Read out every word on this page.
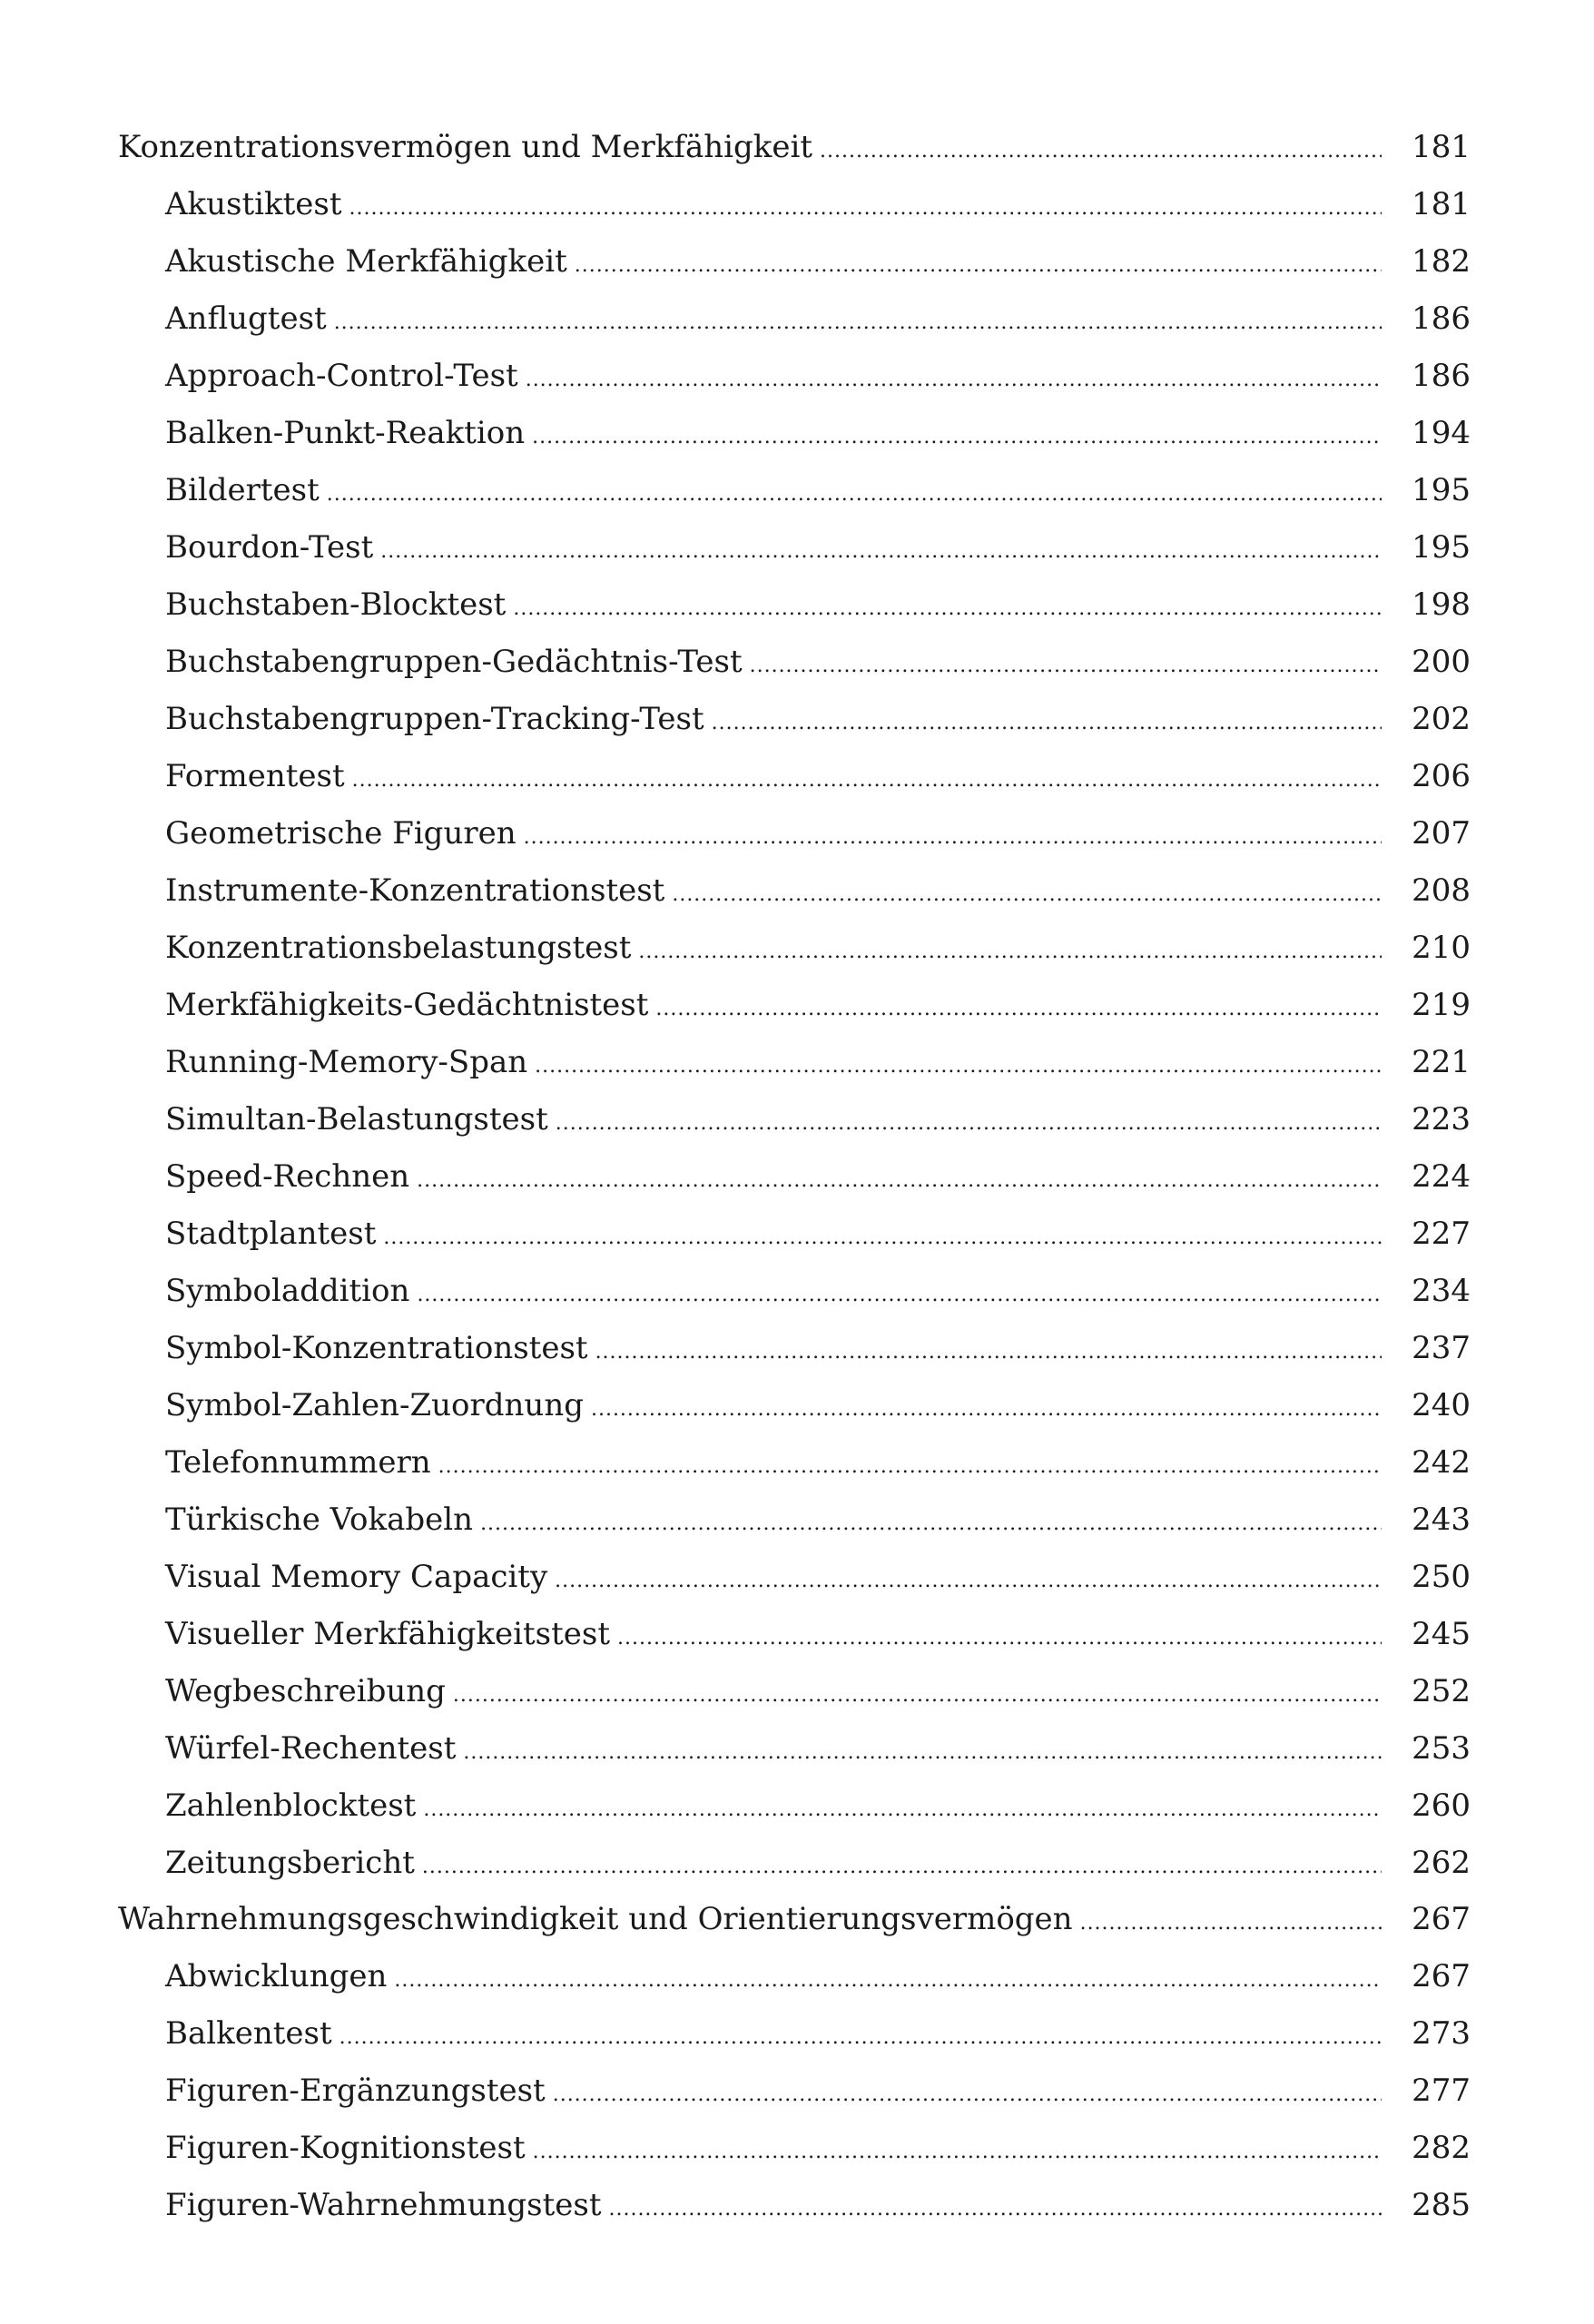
Konzentrationsvermögen und Merkfähigkeit . . .	181
Akustiktest . . .	181
Akustische Merkfähigkeit . . .	182
Anflugtest . . .	186
Approach-Control-Test . . .	186
Balken-Punkt-Reaktion . . .	194
Bildertest . . .	195
Bourdon-Test . . .	195
Buchstaben-Blocktest . . .	198
Buchstabengruppen-Gedächtnis-Test . . .	200
Buchstabengruppen-Tracking-Test . . .	202
Formentest . . .	206
Geometrische Figuren . . .	207
Instrumente-Konzentrationstest . . .	208
Konzentrationsbelastungstest . . .	210
Merkfähigkeits-Gedächtnistest . . .	219
Running-Memory-Span . . .	221
Simultan-Belastungstest . . .	223
Speed-Rechnen . . .	224
Stadtplantest . . .	227
Symboladdition . . .	234
Symbol-Konzentrationstest . . .	237
Symbol-Zahlen-Zuordnung . . .	240
Telefonnummern . . .	242
Türkische Vokabeln . . .	243
Visual Memory Capacity . . .	250
Visueller Merkfähigkeitstest . . .	245
Wegbeschreibung . . .	252
Würfel-Rechentest . . .	253
Zahlenblocktest . . .	260
Zeitungsbericht . . .	262
Wahrnehmungsgeschwindigkeit und Orientierungsvermögen . . .	267
Abwicklungen . . .	267
Balkentest . . .	273
Figuren-Ergänzungstest . . .	277
Figuren-Kognitionstest . . .	282
Figuren-Wahrnehmungstest . . .	285
